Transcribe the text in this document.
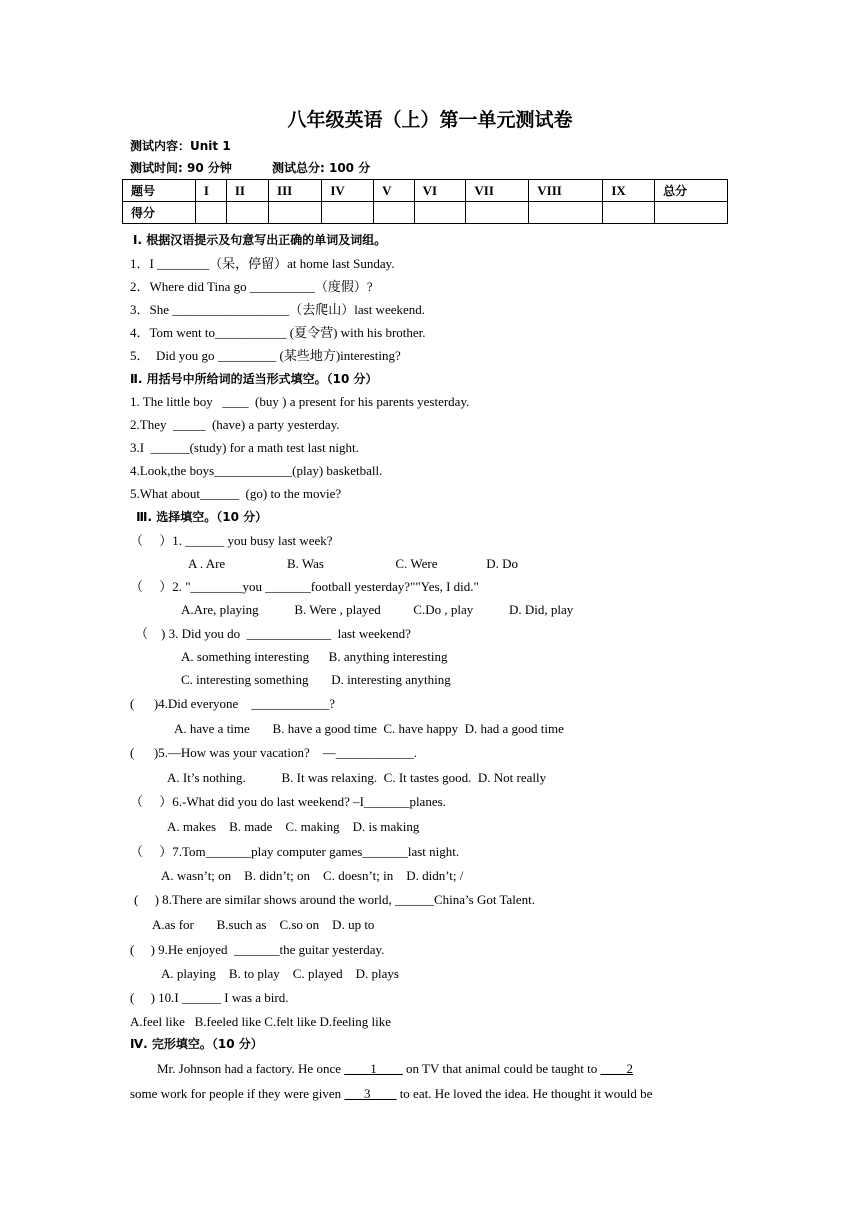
八年级英语（上）第一单元测试卷
测试内容：Unit 1
测试时间: 90 分钟	测试总分: 100 分
题号	I	II	III	IV	V	VI	VII	VIII	IX	总分
得分										
Ⅰ. 根据汉语提示及句意写出正确的单词及词组。
1．I ________（呆，停留）at home last Sunday.
2．Where did Tina go __________（度假）?
3．She __________________（去爬山）last weekend.
4．Tom went to___________ (夏令营) with his brother.
5．  Did you go _________ (某些地方)interesting?
Ⅱ. 用括号中所给词的适当形式填空。（10 分）
1. The little boy   ____  (buy ) a present for his parents yesterday.
2.They  _____  (have) a party yesterday.
3.I  ______(study) for a math test last night.
4.Look,the boys____________(play) basketball.
5.What about______  (go) to the movie?
Ⅲ. 选择填空。（10 分）
（     ）1. ______ you busy last week?
A . Are                   B. Was                      C. Were               D. Do
（     ）2. "________you _______football yesterday?""Yes, I did."
A.Are, playing           B. Were , played          C.Do , play           D. Did, play
（    ) 3. Did you do  _____________  last weekend?
A. something interesting      B. anything interesting
C. interesting something       D. interesting anything
(      )4.Did everyone    ____________?
A. have a time       B. have a good time  C. have happy  D. had a good time
(      )5.—How was your vacation?    —____________.
A. It’s nothing.           B. It was relaxing.  C. It tastes good.  D. Not really
（     ）6.-What did you do last weekend? –I_______planes.
A. makes    B. made    C. making    D. is making
（     ）7.Tom_______play computer games_______last night.
A. wasn’t; on    B. didn’t; on    C. doesn’t; in    D. didn’t; /
(     ) 8.There are similar shows around the world, ______China’s Got Talent.
A.as for       B.such as    C.so on    D. up to
(     ) 9.He enjoyed  _______the guitar yesterday.
A. playing    B. to play    C. played    D. plays
(     ) 10.I ______ I was a bird.
A.feel like   B.feeled like C.felt like D.feeling like
Ⅳ. 完形填空。（10 分）
Mr. Johnson had a factory. He once ____1____ on TV that animal could be taught to ____2
some work for people if they were given ___3____ to eat. He loved the idea. He thought it would be
